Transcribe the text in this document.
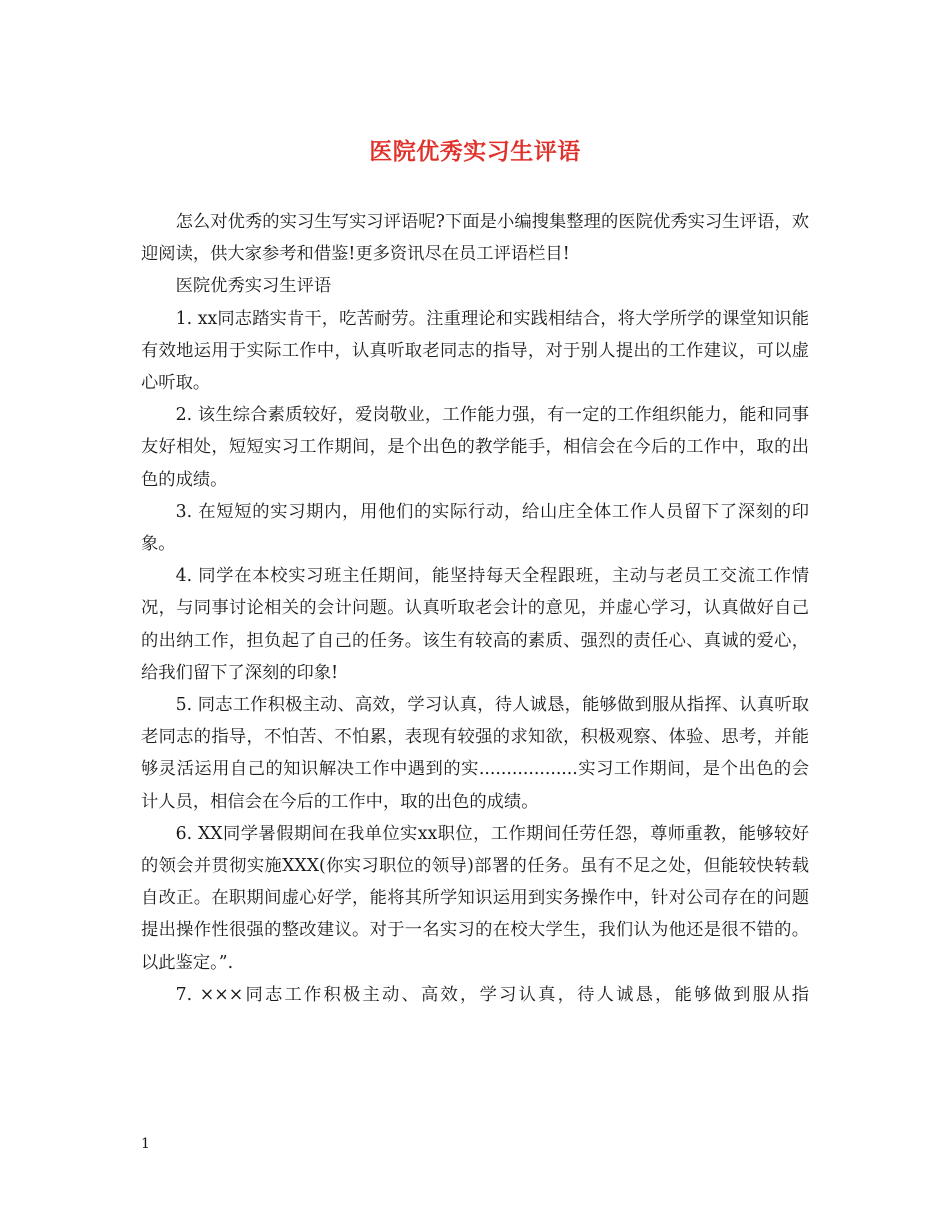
医院优秀实习生评语

怎么对优秀的实习生写实习评语呢?下面是小编搜集整理的医院优秀实习生评语，欢迎阅读，供大家参考和借鉴!更多资讯尽在员工评语栏目!

医院优秀实习生评语

1. xx同志踏实肯干，吃苦耐劳。注重理论和实践相结合，将大学所学的课堂知识能有效地运用于实际工作中，认真听取老同志的指导，对于别人提出的工作建议，可以虚心听取。

2. 该生综合素质较好，爱岗敬业，工作能力强，有一定的工作组织能力，能和同事友好相处，短短实习工作期间，是个出色的教学能手，相信会在今后的工作中，取的出色的成绩。

3. 在短短的实习期内，用他们的实际行动，给山庄全体工作人员留下了深刻的印象。

4. 同学在本校实习班主任期间，能坚持每天全程跟班，主动与老员工交流工作情况，与同事讨论相关的会计问题。认真听取老会计的意见，并虚心学习，认真做好自己的出纳工作，担负起了自己的任务。该生有较高的素质、强烈的责任心、真诚的爱心，给我们留下了深刻的印象!

5. 同志工作积极主动、高效，学习认真，待人诚恳，能够做到服从指挥、认真听取老同志的指导，不怕苦、不怕累，表现有较强的求知欲，积极观察、体验、思考，并能够灵活运用自己的知识解决工作中遇到的实..................实习工作期间，是个出色的会计人员，相信会在今后的工作中，取的出色的成绩。

6. XX同学暑假期间在我单位实xx职位，工作期间任劳任怨，尊师重教，能够较好的领会并贯彻实施XXX(你实习职位的领导)部署的任务。虽有不足之处，但能较快转载自改正。在职期间虚心好学，能将其所学知识运用到实务操作中，针对公司存在的问题提出操作性很强的整改建议。对于一名实习的在校大学生，我们认为他还是很不错的。以此鉴定。”.

7. ×××同志工作积极主动、高效，学习认真，待人诚恳，能够做到服从指

1
